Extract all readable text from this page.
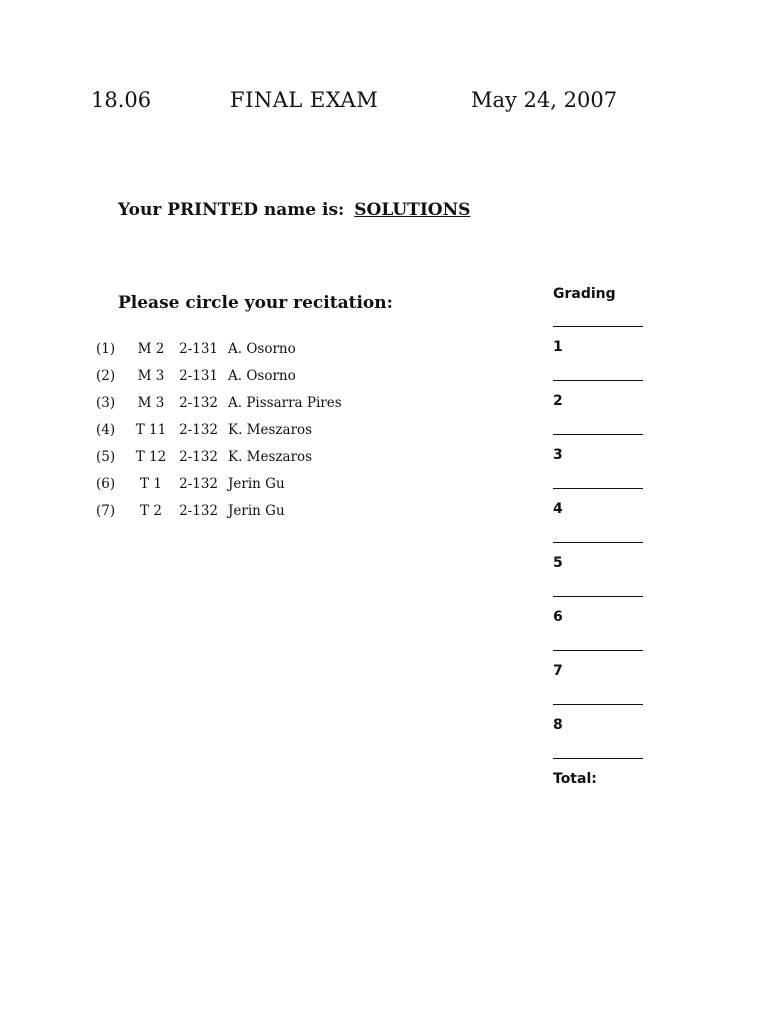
18.06	FINAL EXAM	May 24, 2007
Your PRINTED name is: SOLUTIONS
Please circle your recitation:
(1)	M 2	2-131	A. Osorno
(2)	M 3	2-131	A. Osorno
(3)	M 3	2-132	A. Pissarra Pires
(4)	T 11	2-132	K. Meszaros
(5)	T 12	2-132	K. Meszaros
(6)	T 1	2-132	Jerin Gu
(7)	T 2	2-132	Jerin Gu
Grading
1
2
3
4
5
6
7
8
Total:
